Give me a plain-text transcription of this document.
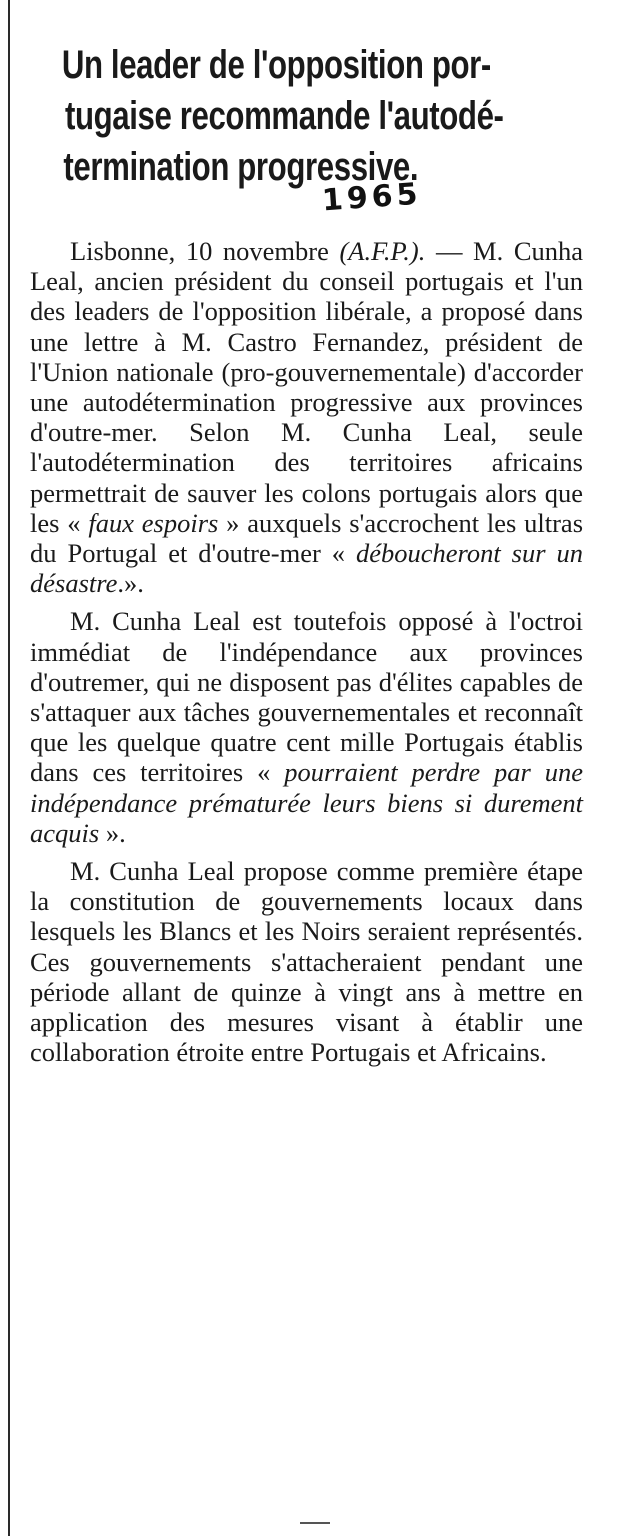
Un leader de l'opposition por-
tugaise recommande l'autodé-
termination progressive.
1965

Lisbonne, 10 novembre (A.F.P.). — M. Cunha Leal, ancien président du conseil portugais et l'un des leaders de l'opposition libérale, a proposé dans une lettre à M. Castro Fernandez, président de l'Union nationale (pro-gouvernementale) d'accorder une autodétermination progressive aux provinces d'outre-mer. Selon M. Cunha Leal, seule l'autodétermination des territoires africains permettrait de sauver les colons portugais alors que les « faux espoirs » auxquels s'accrochent les ultras du Portugal et d'outre-mer « déboucheront sur un désastre.».

M. Cunha Leal est toutefois opposé à l'octroi immédiat de l'indépendance aux provinces d'outremer, qui ne disposent pas d'élites capables de s'attaquer aux tâches gouvernementales et reconnaît que les quelque quatre cent mille Portugais établis dans ces territoires « pourraient perdre par une indépendance prématurée leurs biens si durement acquis ».

M. Cunha Leal propose comme première étape la constitution de gouvernements locaux dans lesquels les Blancs et les Noirs seraient représentés. Ces gouvernements s'attacheraient pendant une période allant de quinze à vingt ans à mettre en application des mesures visant à établir une collaboration étroite entre Portugais et Africains.
